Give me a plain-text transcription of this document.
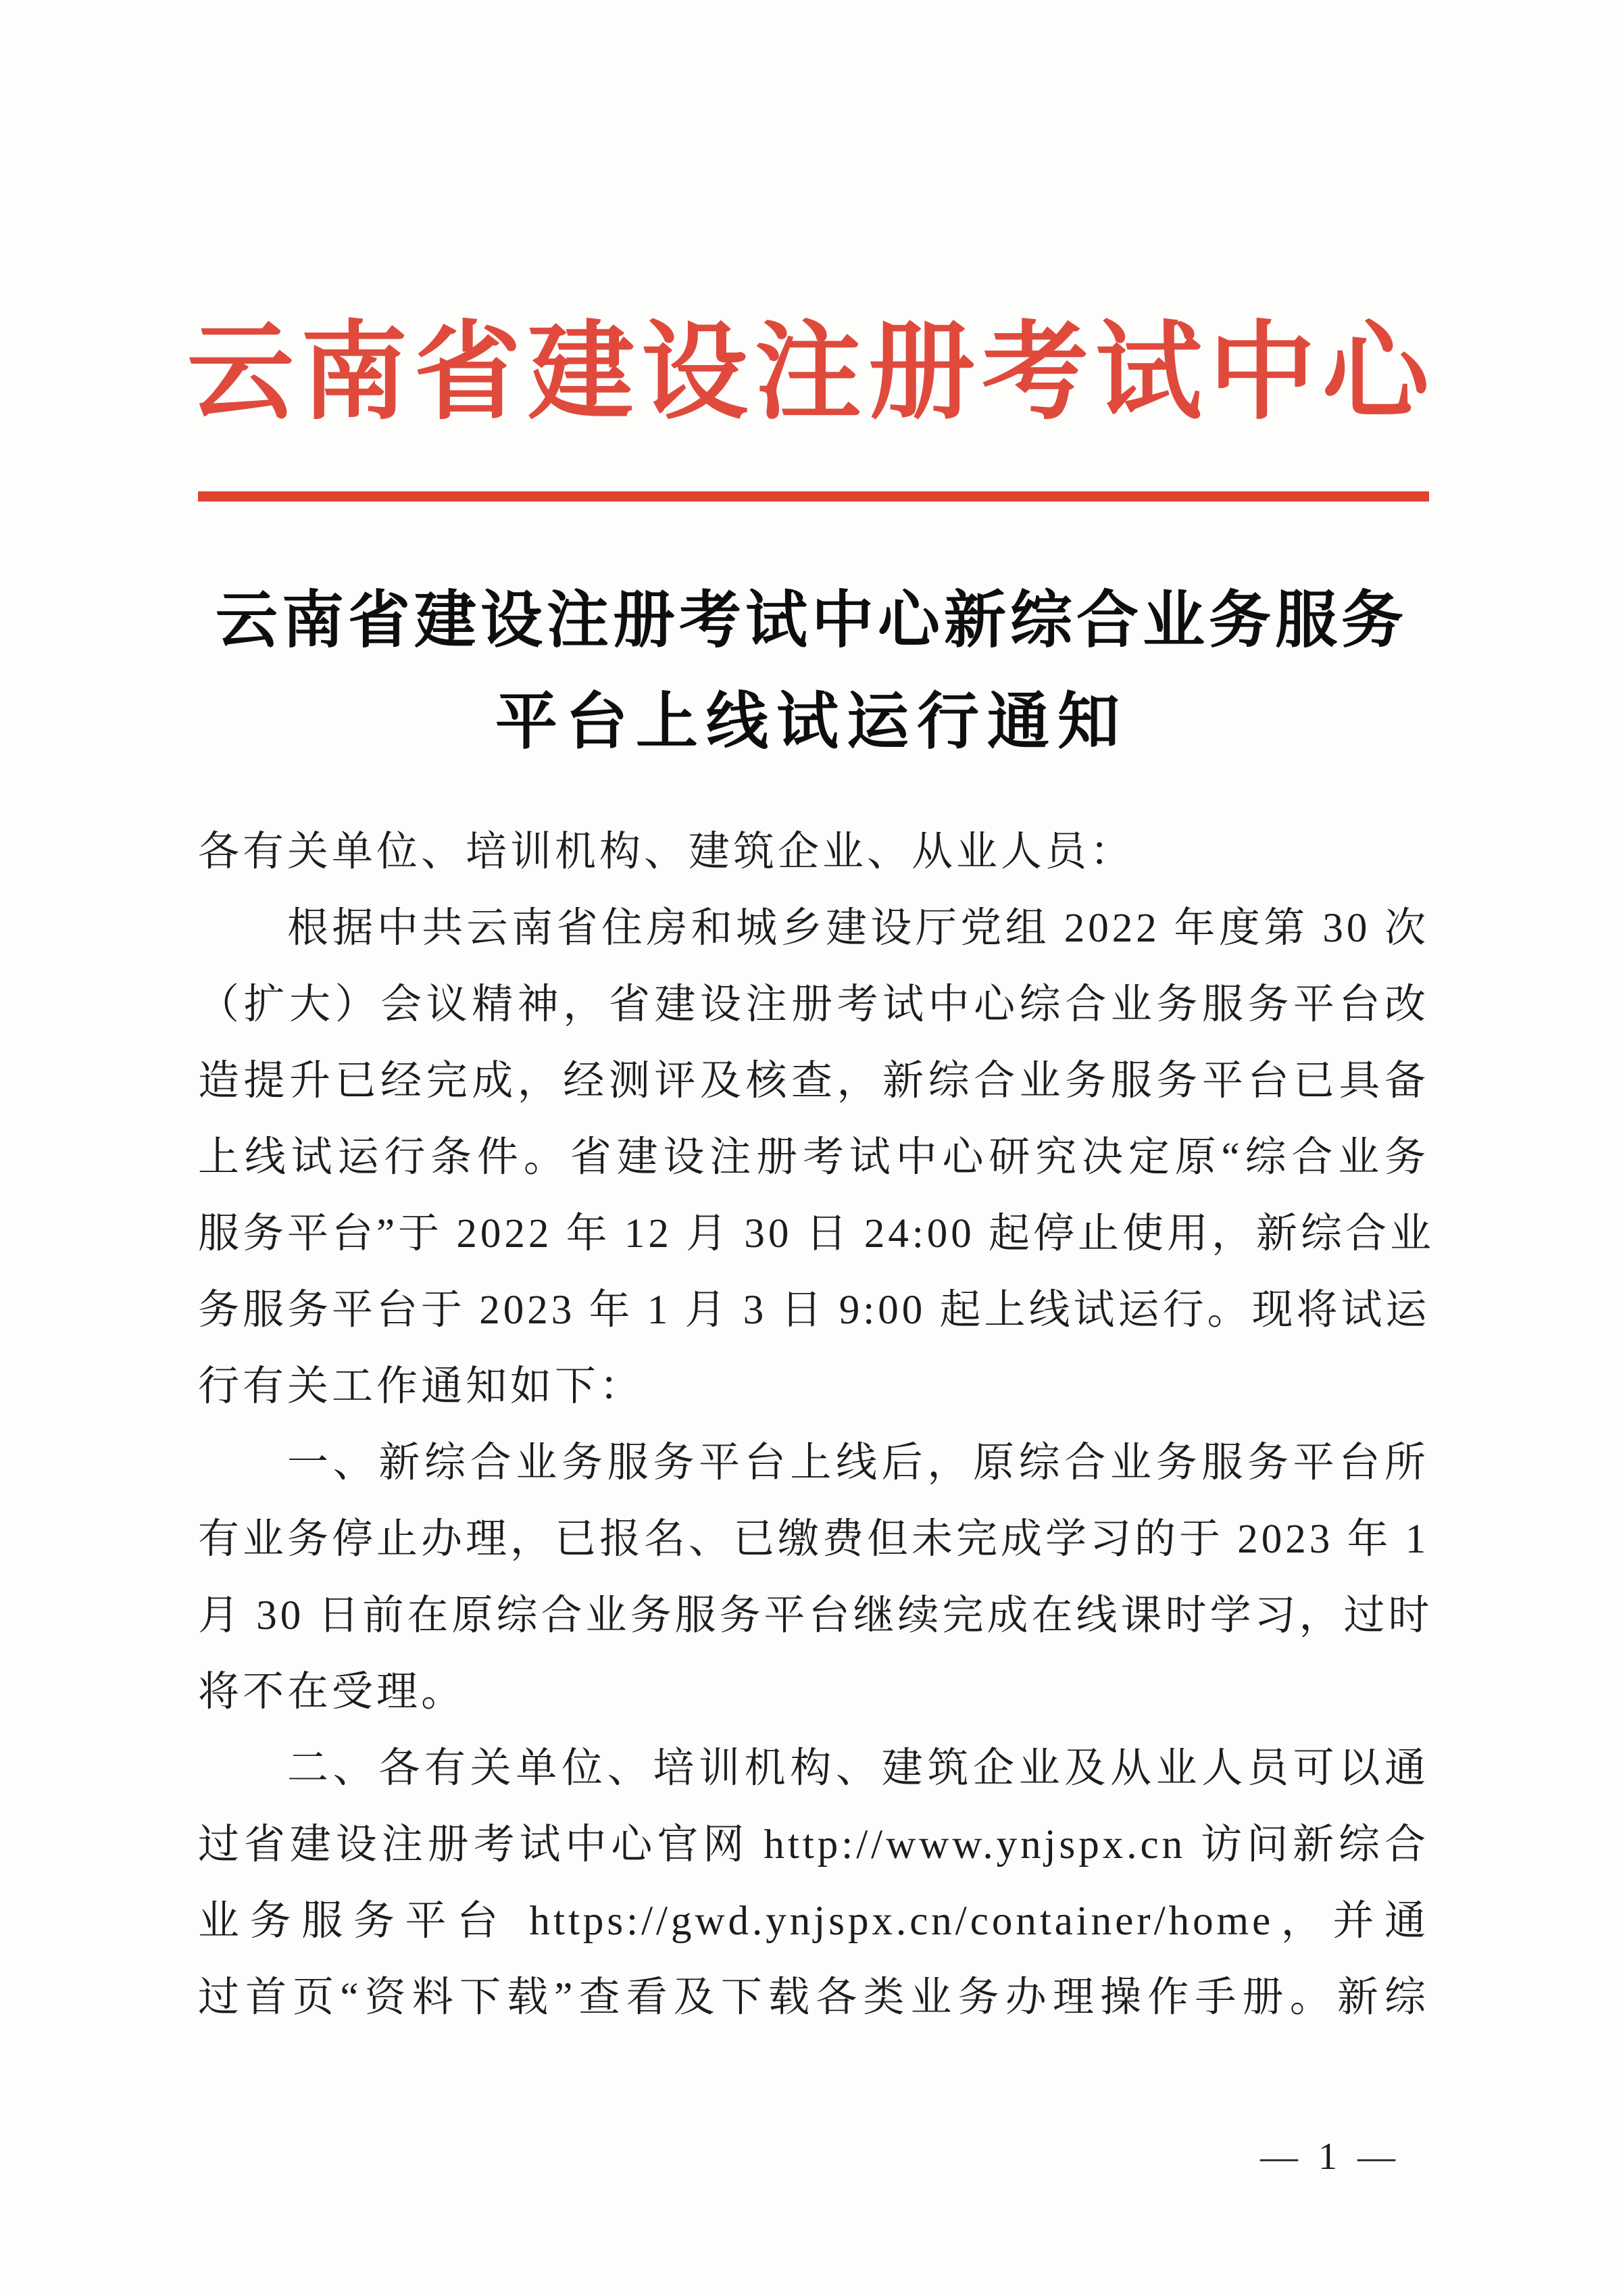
云南省建设注册考试中心
云南省建设注册考试中心新综合业务服务
平台上线试运行通知

各有关单位、培训机构、建筑企业、从业人员：

根据中共云南省住房和城乡建设厅党组 2022 年度第 30 次

（扩大）会议精神，省建设注册考试中心综合业务服务平台改

造提升已经完成，经测评及核查，新综合业务服务平台已具备

上线试运行条件。省建设注册考试中心研究决定原“综合业务

服务平台”于 2022 年 12 月 30 日 24:00 起停止使用，新综合业

务服务平台于 2023 年 1 月 3 日 9:00 起上线试运行。现将试运

行有关工作通知如下：

一、新综合业务服务平台上线后，原综合业务服务平台所

有业务停止办理，已报名、已缴费但未完成学习的于 2023 年 1

月 30 日前在原综合业务服务平台继续完成在线课时学习，过时

将不在受理。

二、各有关单位、培训机构、建筑企业及从业人员可以通

过省建设注册考试中心官网 http://www.ynjspx.cn 访问新综合

业务服务平台 https://gwd.ynjspx.cn/container/home，并通

过首页“资料下载”查看及下载各类业务办理操作手册。新综

— 1 —
